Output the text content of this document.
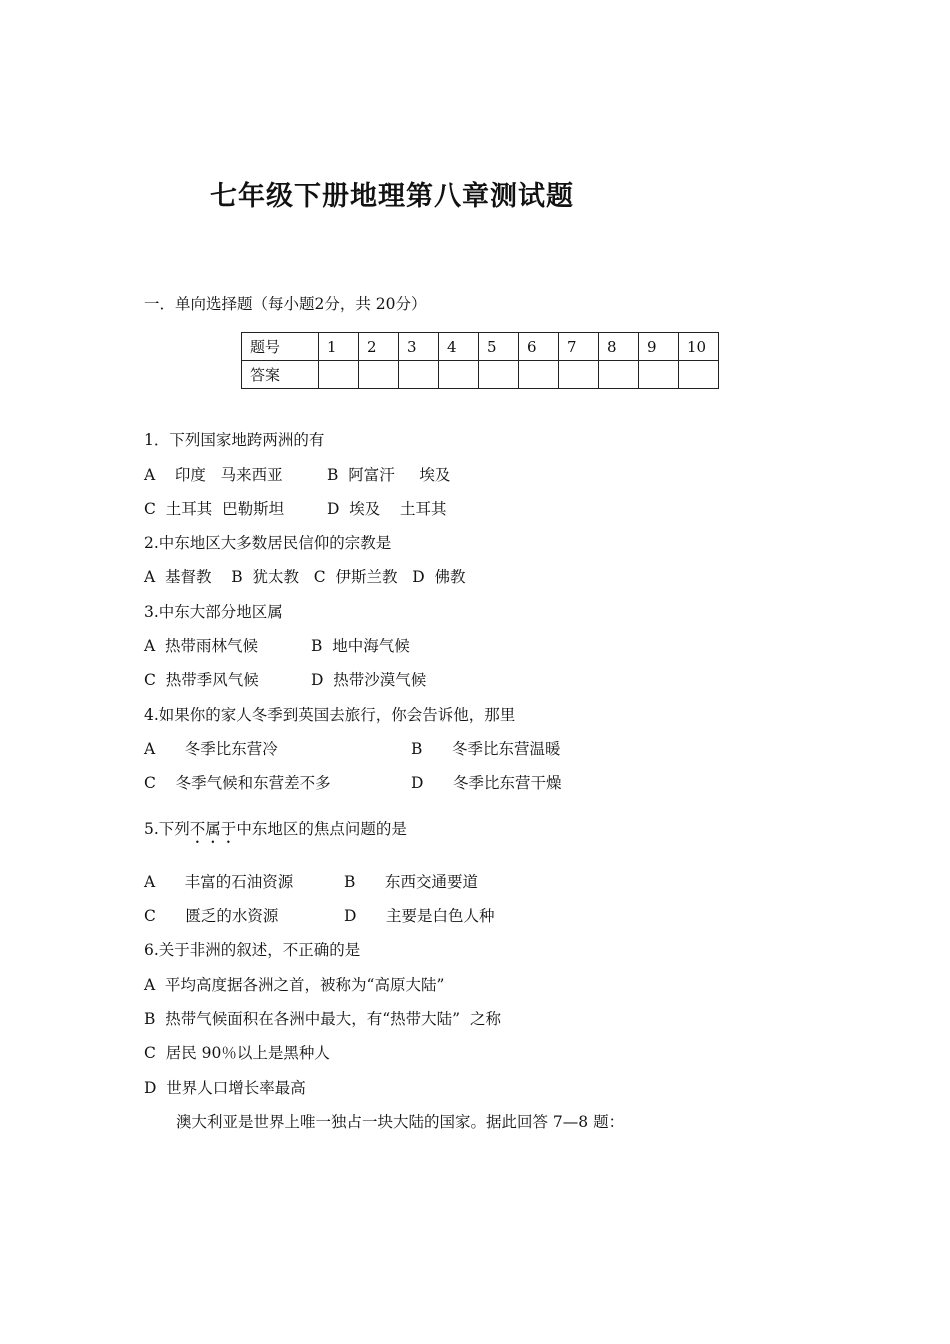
七年级下册地理第八章测试题
一．单向选择题（每小题2分，共 20分）
题号	1	2	3	4	5	6	7	8	9	10
答案										
1．下列国家地跨两洲的有
A    印度   马来西亚	B  阿富汗     埃及
C  土耳其  巴勒斯坦	D  埃及    土耳其
2.中东地区大多数居民信仰的宗教是
A  基督教    B  犹太教   C  伊斯兰教   D  佛教
3.中东大部分地区属
A  热带雨林气候	B  地中海气候
C  热带季风气候	D  热带沙漠气候
4.如果你的家人冬季到英国去旅行，你会告诉他，那里
A      冬季比东营冷	B      冬季比东营温暖
C    冬季气候和东营差不多	D      冬季比东营干燥
5.下列不属于中东地区的焦点问题的是
A      丰富的石油资源	B      东西交通要道
C      匮乏的水资源	D      主要是白色人种
6.关于非洲的叙述，不正确的是
A  平均高度据各洲之首，被称为“高原大陆”
B  热带气候面积在各洲中最大，有“热带大陆”  之称
C  居民 90％以上是黑种人
D  世界人口增长率最高
澳大利亚是世界上唯一独占一块大陆的国家。据此回答 7—8 题：
